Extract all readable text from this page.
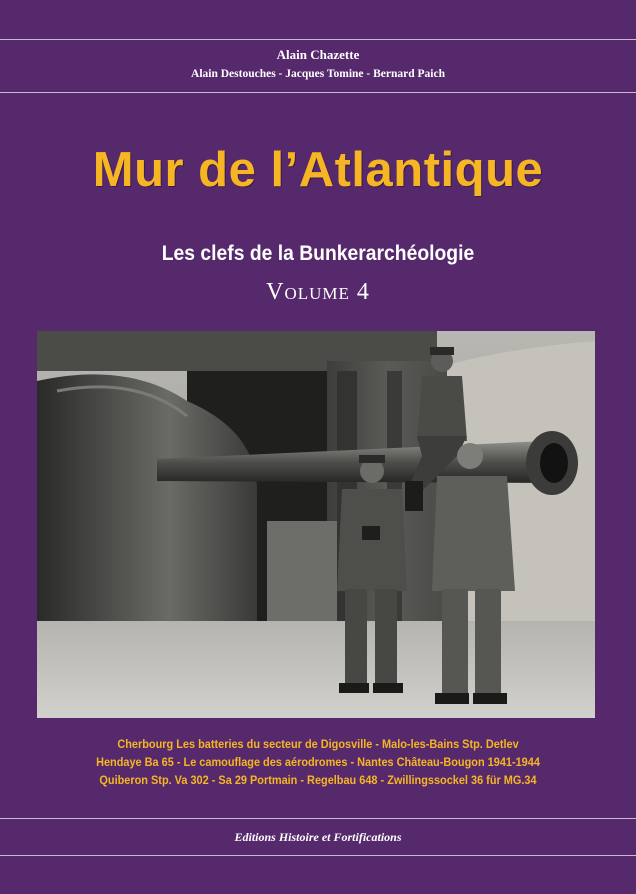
Alain Chazette
Alain Destouches - Jacques Tomine - Bernard Paich
Mur de l’Atlantique
Les clefs de la Bunkerarchéologie
Volume 4
Cherbourg Les batteries du secteur de Digosville - Malo-les-Bains Stp. Detlev
Hendaye Ba 65 - Le camouflage des aérodromes - Nantes Château-Bougon 1941-1944
Quiberon Stp. Va 302 - Sa 29 Portmain - Regelbau 648 - Zwillingssockel 36 für MG.34
Editions Histoire et Fortifications
